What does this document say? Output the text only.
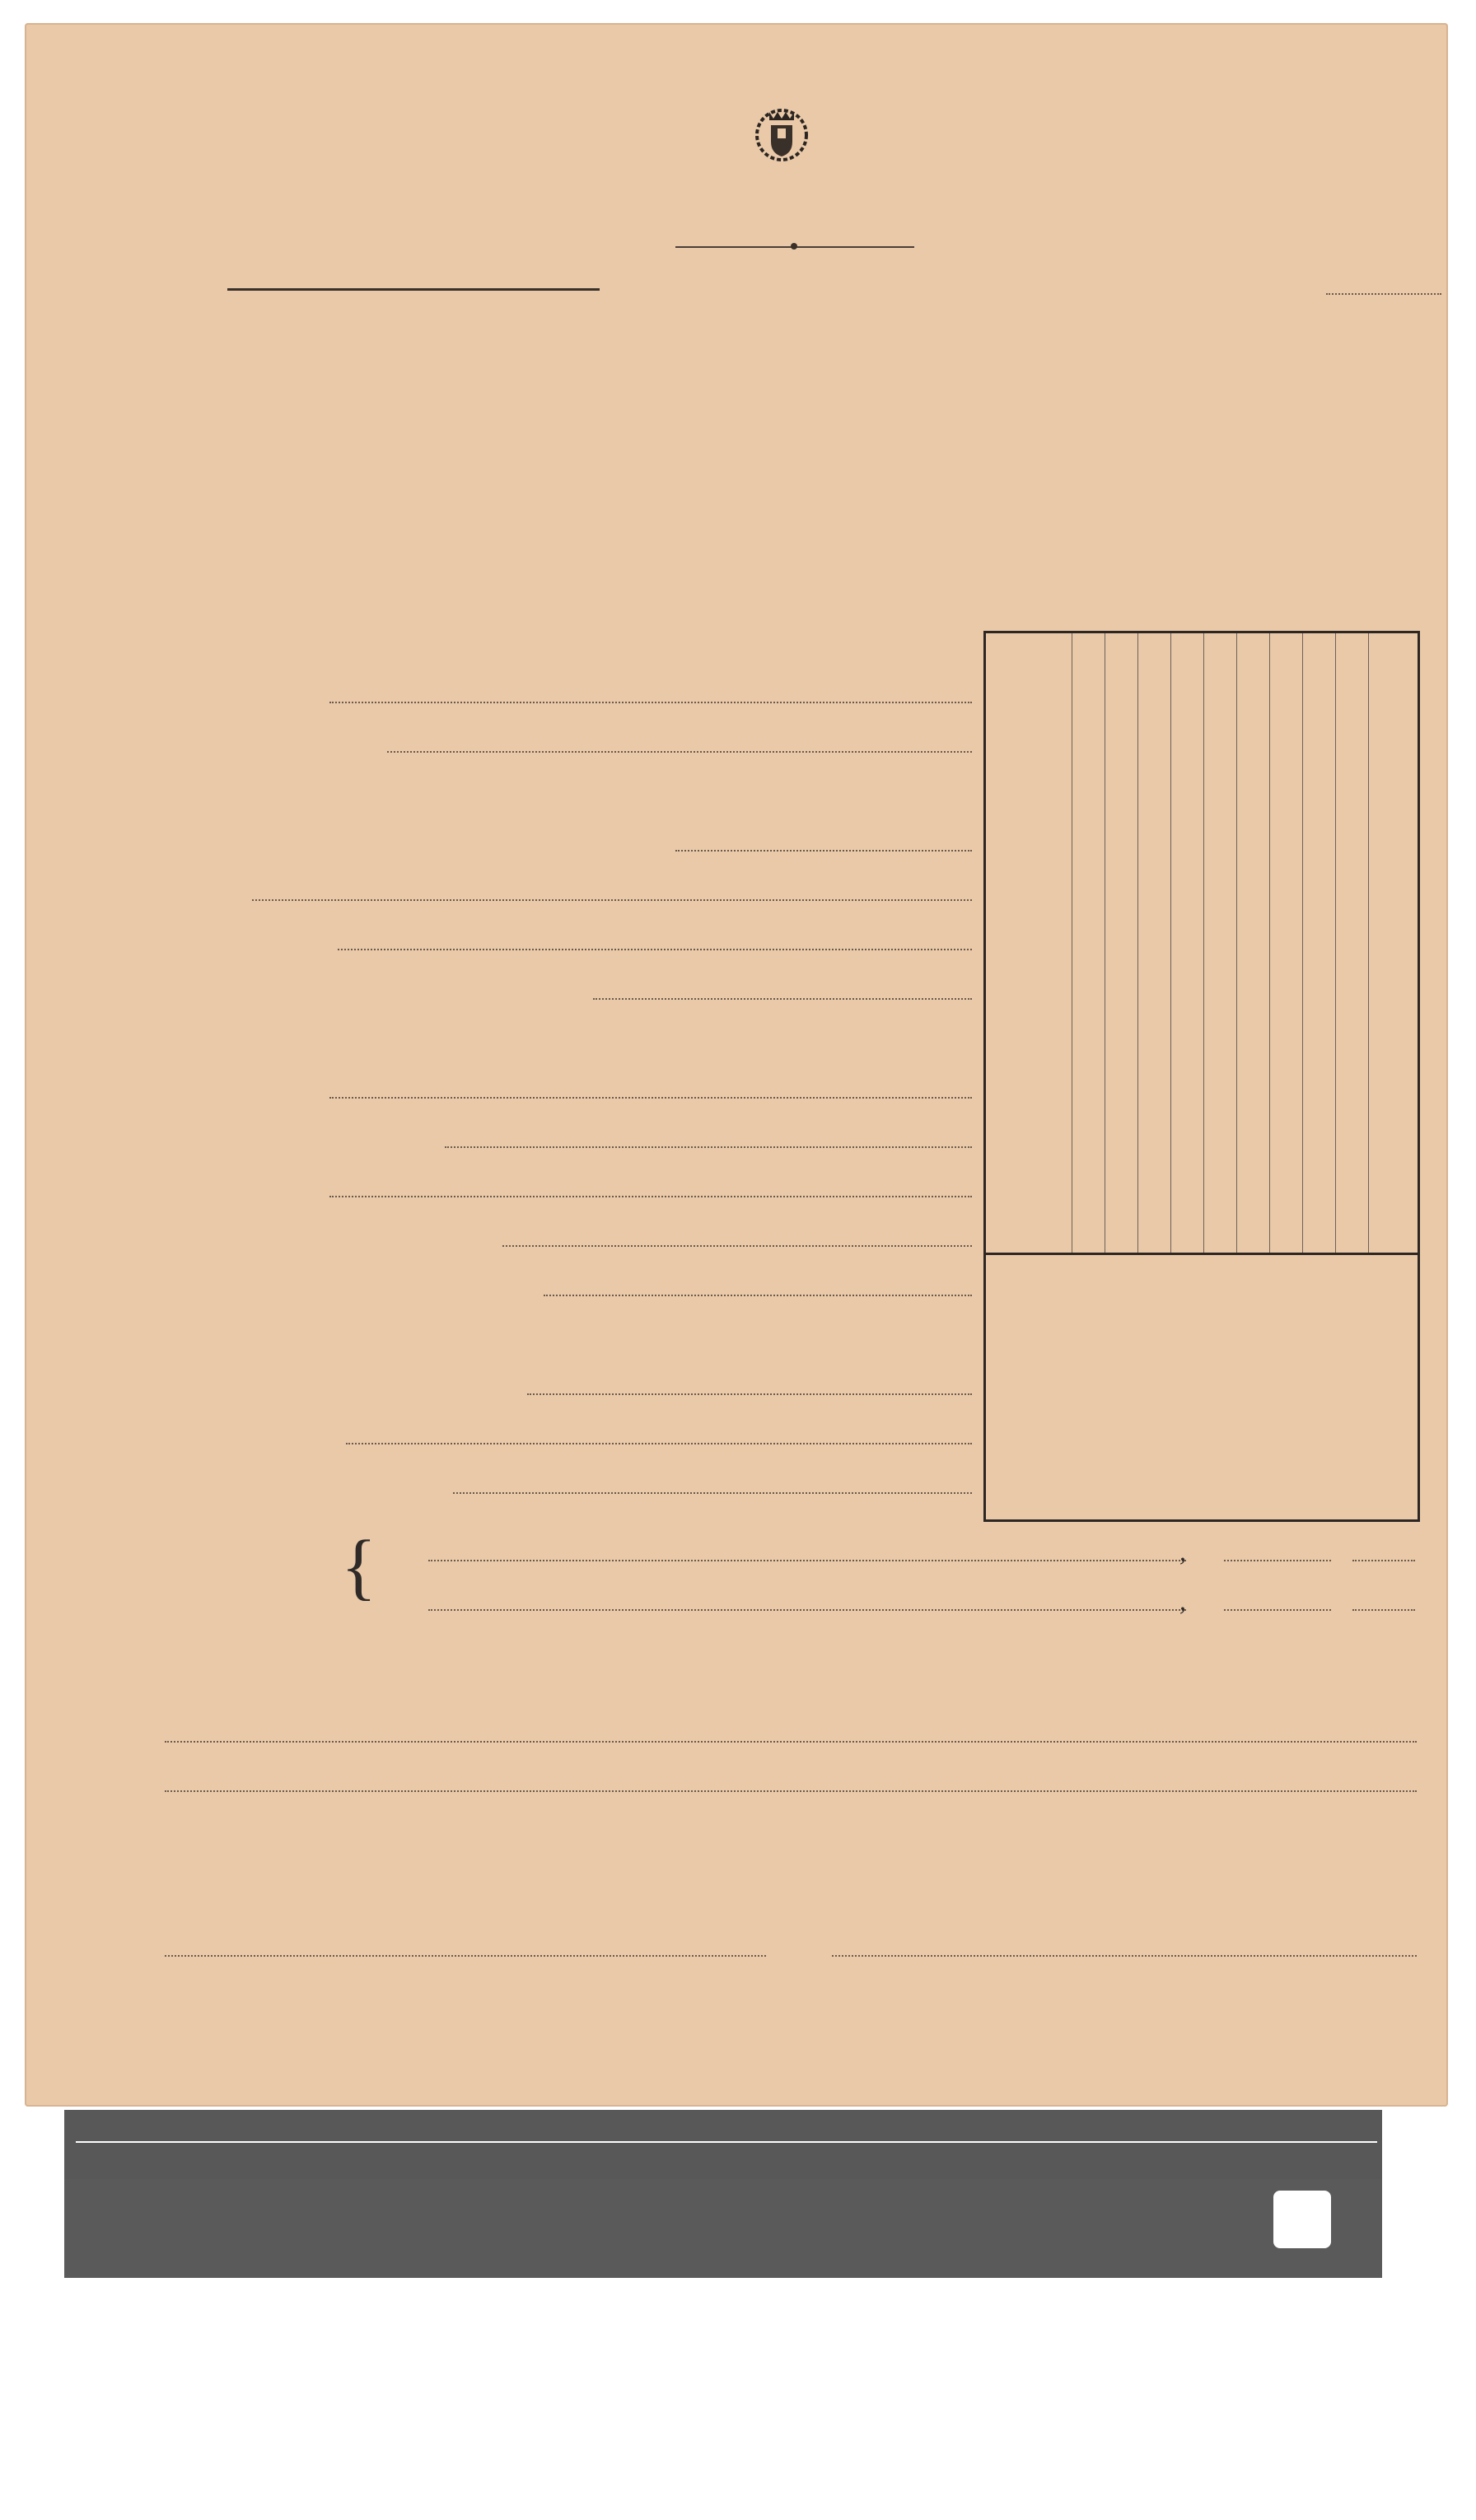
{	,
,
